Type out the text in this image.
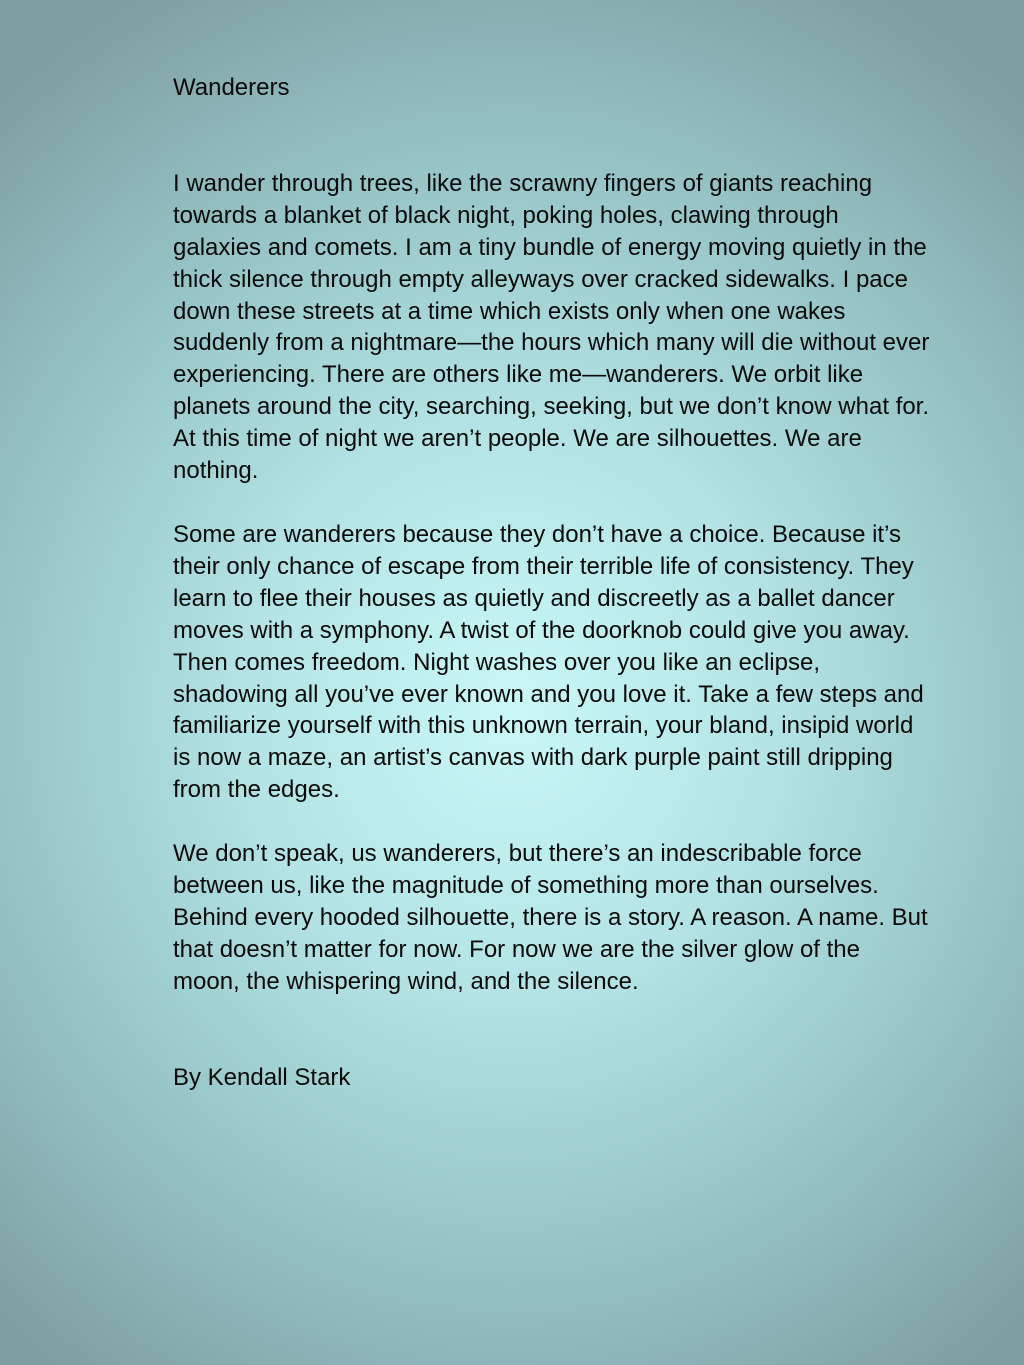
Wanderers

I wander through trees, like the scrawny fingers of giants reaching towards a blanket of black night, poking holes, clawing through galaxies and comets. I am a tiny bundle of energy moving quietly in the thick silence through empty alleyways over cracked sidewalks. I pace down these streets at a time which exists only when one wakes suddenly from a nightmare—the hours which many will die without ever experiencing. There are others like me—wanderers. We orbit like planets around the city, searching, seeking, but we don’t know what for. At this time of night we aren’t people. We are silhouettes. We are nothing.

Some are wanderers because they don’t have a choice. Because it’s their only chance of escape from their terrible life of consistency. They learn to flee their houses as quietly and discreetly as a ballet dancer moves with a symphony. A twist of the doorknob could give you away. Then comes freedom. Night washes over you like an eclipse, shadowing all you’ve ever known and you love it. Take a few steps and familiarize yourself with this unknown terrain, your bland, insipid world is now a maze, an artist’s canvas with dark purple paint still dripping from the edges.

We don’t speak, us wanderers, but there’s an indescribable force between us, like the magnitude of something more than ourselves. Behind every hooded silhouette, there is a story. A reason. A name. But that doesn’t matter for now. For now we are the silver glow of the moon, the whispering wind, and the silence.

By Kendall Stark
